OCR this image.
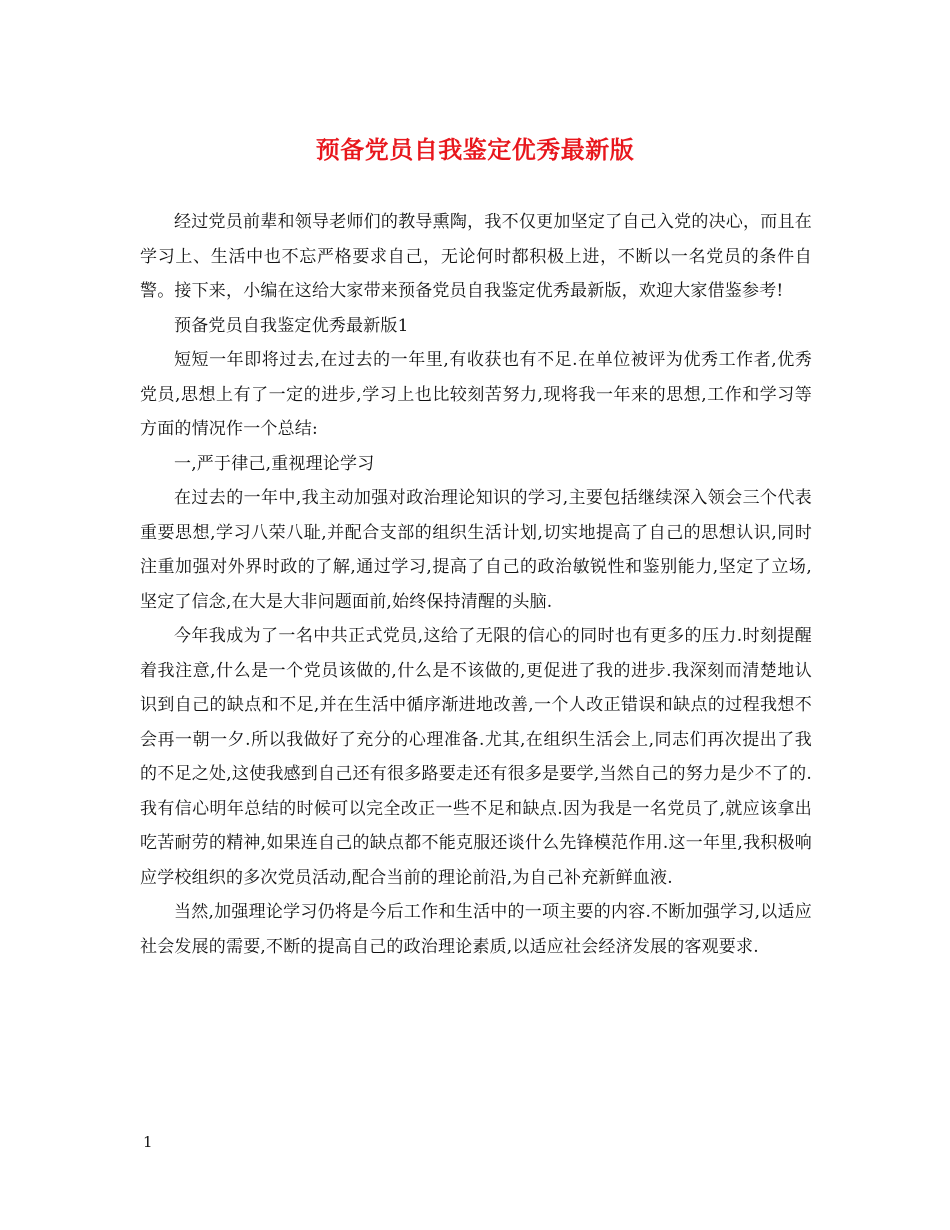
预备党员自我鉴定优秀最新版

经过党员前辈和领导老师们的教导熏陶，我不仅更加坚定了自己入党的决心，而且在学习上、生活中也不忘严格要求自己，无论何时都积极上进，不断以一名党员的条件自警。接下来，小编在这给大家带来预备党员自我鉴定优秀最新版，欢迎大家借鉴参考!

预备党员自我鉴定优秀最新版1

短短一年即将过去,在过去的一年里,有收获也有不足.在单位被评为优秀工作者,优秀党员,思想上有了一定的进步,学习上也比较刻苦努力,现将我一年来的思想,工作和学习等方面的情况作一个总结:

一,严于律己,重视理论学习

在过去的一年中,我主动加强对政治理论知识的学习,主要包括继续深入领会三个代表重要思想,学习八荣八耻,并配合支部的组织生活计划,切实地提高了自己的思想认识,同时注重加强对外界时政的了解,通过学习,提高了自己的政治敏锐性和鉴别能力,坚定了立场,坚定了信念,在大是大非问题面前,始终保持清醒的头脑.

今年我成为了一名中共正式党员,这给了无限的信心的同时也有更多的压力.时刻提醒着我注意,什么是一个党员该做的,什么是不该做的,更促进了我的进步.我深刻而清楚地认识到自己的缺点和不足,并在生活中循序渐进地改善,一个人改正错误和缺点的过程我想不会再一朝一夕.所以我做好了充分的心理准备.尤其,在组织生活会上,同志们再次提出了我的不足之处,这使我感到自己还有很多路要走还有很多是要学,当然自己的努力是少不了的.我有信心明年总结的时候可以完全改正一些不足和缺点.因为我是一名党员了,就应该拿出吃苦耐劳的精神,如果连自己的缺点都不能克服还谈什么先锋模范作用.这一年里,我积极响应学校组织的多次党员活动,配合当前的理论前沿,为自己补充新鲜血液.

当然,加强理论学习仍将是今后工作和生活中的一项主要的内容.不断加强学习,以适应社会发展的需要,不断的提高自己的政治理论素质,以适应社会经济发展的客观要求.

1
